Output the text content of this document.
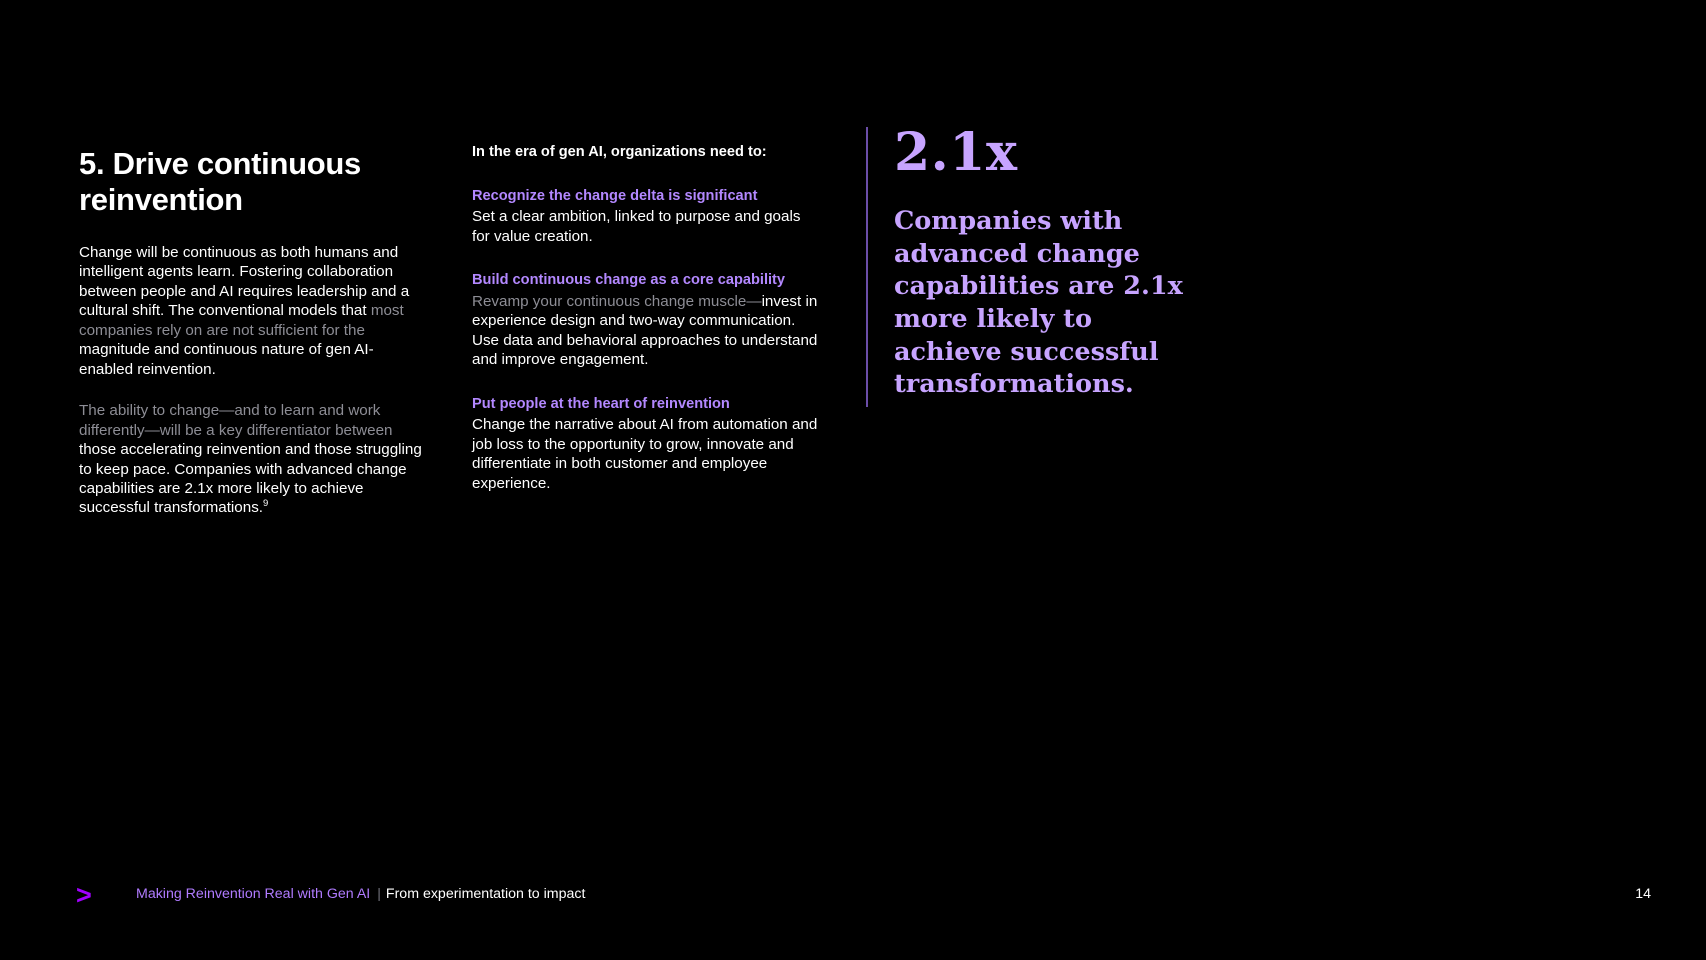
5. Drive continuous reinvention

Change will be continuous as both humans and intelligent agents learn. Fostering collaboration between people and AI requires leadership and a cultural shift. The conventional models that most companies rely on are not sufficient for the magnitude and continuous nature of gen AI-enabled reinvention.

The ability to change—and to learn and work differently—will be a key differentiator between those accelerating reinvention and those struggling to keep pace. Companies with advanced change capabilities are 2.1x more likely to achieve successful transformations.$^9$

In the era of gen AI, organizations need to:

Recognize the change delta is significant
Set a clear ambition, linked to purpose and goals for value creation.
Build continuous change as a core capability
Revamp your continuous change muscle—invest in experience design and two-way communication. Use data and behavioral approaches to understand and improve engagement.
Put people at the heart of reinvention
Change the narrative about AI from automation and job loss to the opportunity to grow, innovate and differentiate in both customer and employee experience.
2.1x

Companies with advanced change capabilities are 2.1x more likely to achieve successful transformations.

>	Making Reinvention Real with Gen AI | From experimentation to impact	14
